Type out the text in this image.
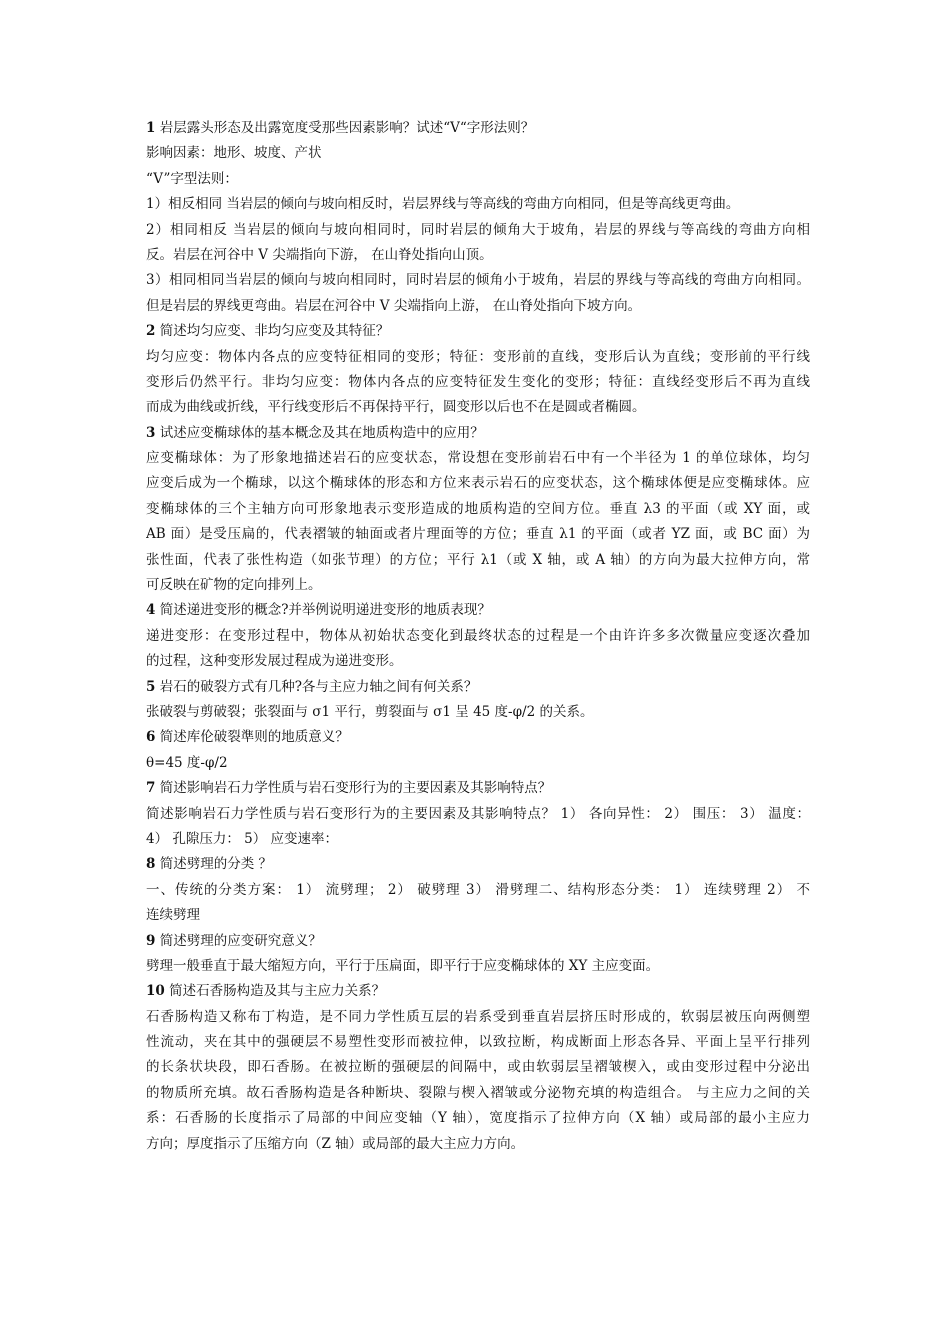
1 岩层露头形态及出露宽度受那些因素影响？试述“V“字形法则？
影响因素：地形、坡度、产状
“V”字型法则：
1）相反相同 当岩层的倾向与坡向相反时，岩层界线与等高线的弯曲方向相同，但是等高线更弯曲。
2）相同相反 当岩层的倾向与坡向相同时，同时岩层的倾角大于坡角，岩层的界线与等高线的弯曲方向相
反。岩层在河谷中 V 尖端指向下游， 在山脊处指向山顶。
3）相同相同当岩层的倾向与坡向相同时，同时岩层的倾角小于坡角，岩层的界线与等高线的弯曲方向相同。
但是岩层的界线更弯曲。岩层在河谷中 V 尖端指向上游， 在山脊处指向下坡方向。
2 简述均匀应变、非均匀应变及其特征？
均匀应变：物体内各点的应变特征相同的变形；特征：变形前的直线，变形后认为直线；变形前的平行线
变形后仍然平行。非均匀应变：物体内各点的应变特征发生变化的变形；特征：直线经变形后不再为直线
而成为曲线或折线，平行线变形后不再保持平行，圆变形以后也不在是圆或者椭圆。
3 试述应变椭球体的基本概念及其在地质构造中的应用？
应变椭球体：为了形象地描述岩石的应变状态，常设想在变形前岩石中有一个半径为 1 的单位球体，均匀
应变后成为一个椭球，以这个椭球体的形态和方位来表示岩石的应变状态，这个椭球体便是应变椭球体。应
变椭球体的三个主轴方向可形象地表示变形造成的地质构造的空间方位。垂直 λ3 的平面（或 XY 面，或
AB 面）是受压扁的，代表褶皱的轴面或者片理面等的方位；垂直 λ1 的平面（或者 YZ 面，或 BC 面）为
张性面，代表了张性构造（如张节理）的方位；平行 λ1（或 X 轴，或 A 轴）的方向为最大拉伸方向，常
可反映在矿物的定向排列上。
4 简述递进变形的概念?并举例说明递进变形的地质表现？
递进变形：在变形过程中，物体从初始状态变化到最终状态的过程是一个由许许多多次微量应变逐次叠加
的过程，这种变形发展过程成为递进变形。
5 岩石的破裂方式有几种?各与主应力轴之间有何关系？
张破裂与剪破裂；张裂面与 σ1 平行，剪裂面与 σ1 呈 45 度-φ/2 的关系。
6 简述库伦破裂準则的地质意义？
θ=45 度-φ/2
7 简述影响岩石力学性质与岩石变形行为的主要因素及其影响特点？
简述影响岩石力学性质与岩石变形行为的主要因素及其影响特点？ 1） 各向异性： 2） 围压： 3） 温度：
4） 孔隙压力： 5） 应变速率：
8 简述劈理的分类 ？
一、传统的分类方案： 1） 流劈理； 2） 破劈理 3） 滑劈理二、结构形态分类： 1） 连续劈理 2） 不
连续劈理
9 简述劈理的应变研究意义？
劈理一般垂直于最大缩短方向，平行于压扁面，即平行于应变椭球体的 XY 主应变面。
10 简述石香肠构造及其与主应力关系？
石香肠构造又称布丁构造，是不同力学性质互层的岩系受到垂直岩层挤压时形成的，软弱层被压向两侧塑
性流动，夹在其中的强硬层不易塑性变形而被拉伸，以致拉断，构成断面上形态各异、平面上呈平行排列
的长条状块段，即石香肠。在被拉断的强硬层的间隔中，或由软弱层呈褶皱楔入，或由变形过程中分泌出
的物质所充填。故石香肠构造是各种断块、裂隙与楔入褶皱或分泌物充填的构造组合。 与主应力之间的关
系：石香肠的长度指示了局部的中间应变轴（Y 轴），宽度指示了拉伸方向（X 轴）或局部的最小主应力
方向；厚度指示了压缩方向（Z 轴）或局部的最大主应力方向。
